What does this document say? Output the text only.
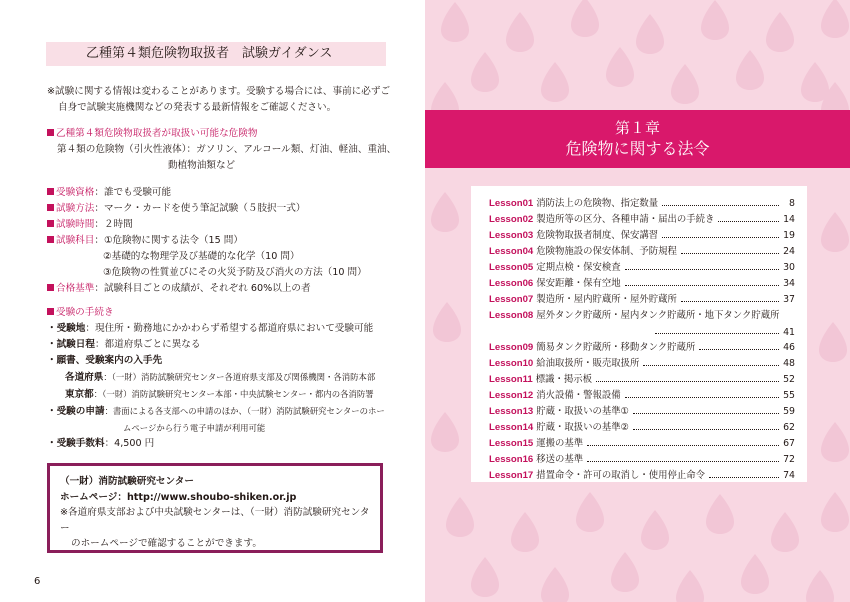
乙種第４類危険物取扱者　試験ガイダンス
※試験に関する情報は変わることがあります。受験する場合には、事前に必ずご
自身で試験実施機関などの発表する最新情報をご確認ください。
乙種第４類危険物取扱者が取扱い可能な危険物
第４類の危険物（引火性液体）：ガソリン、アルコール類、灯油、軽油、重油、
動植物油類など
受験資格：誰でも受験可能
試験方法：マーク・カードを使う筆記試験（５肢択一式）
試験時間：２時間
試験科目：①危険物に関する法令（15 問）
②基礎的な物理学及び基礎的な化学（10 問）
③危険物の性質並びにその火災予防及び消火の方法（10 問）
合格基準：試験科目ごとの成績が、それぞれ 60%以上の者
受験の手続き
・受験地：現住所・勤務地にかかわらず希望する都道府県において受験可能
・試験日程：都道府県ごとに異なる
・願書、受験案内の入手先
各道府県：（一財）消防試験研究センター各道府県支部及び関係機関・各消防本部
東京都：（一財）消防試験研究センター本部・中央試験センター・都内の各消防署
・受験の申請：書面による各支部への申請のほか、（一財）消防試験研究センターのホー
ムページから行う電子申請が利用可能
・受験手数料：4,500 円
（一財）消防試験研究センター
ホームページ：http://www.shoubo-shiken.or.jp
※各道府県支部および中央試験センターは、（一財）消防試験研究センター
のホームページで確認することができます。
6
第１章
危険物に関する法令
Lesson01 消防法上の危険物、指定数量	8
Lesson02 製造所等の区分、各種申請・届出の手続き	14
Lesson03 危険物取扱者制度、保安講習	19
Lesson04 危険物施設の保安体制、予防規程	24
Lesson05 定期点検・保安検査	30
Lesson06 保安距離・保有空地	34
Lesson07 製造所・屋内貯蔵所・屋外貯蔵所	37
Lesson08 屋外タンク貯蔵所・屋内タンク貯蔵所・地下タンク貯蔵所
41
Lesson09 簡易タンク貯蔵所・移動タンク貯蔵所	46
Lesson10 給油取扱所・販売取扱所	48
Lesson11 標識・掲示板	52
Lesson12 消火設備・警報設備	55
Lesson13 貯蔵・取扱いの基準①	59
Lesson14 貯蔵・取扱いの基準②	62
Lesson15 運搬の基準	67
Lesson16 移送の基準	72
Lesson17 措置命令・許可の取消し・使用停止命令	74
